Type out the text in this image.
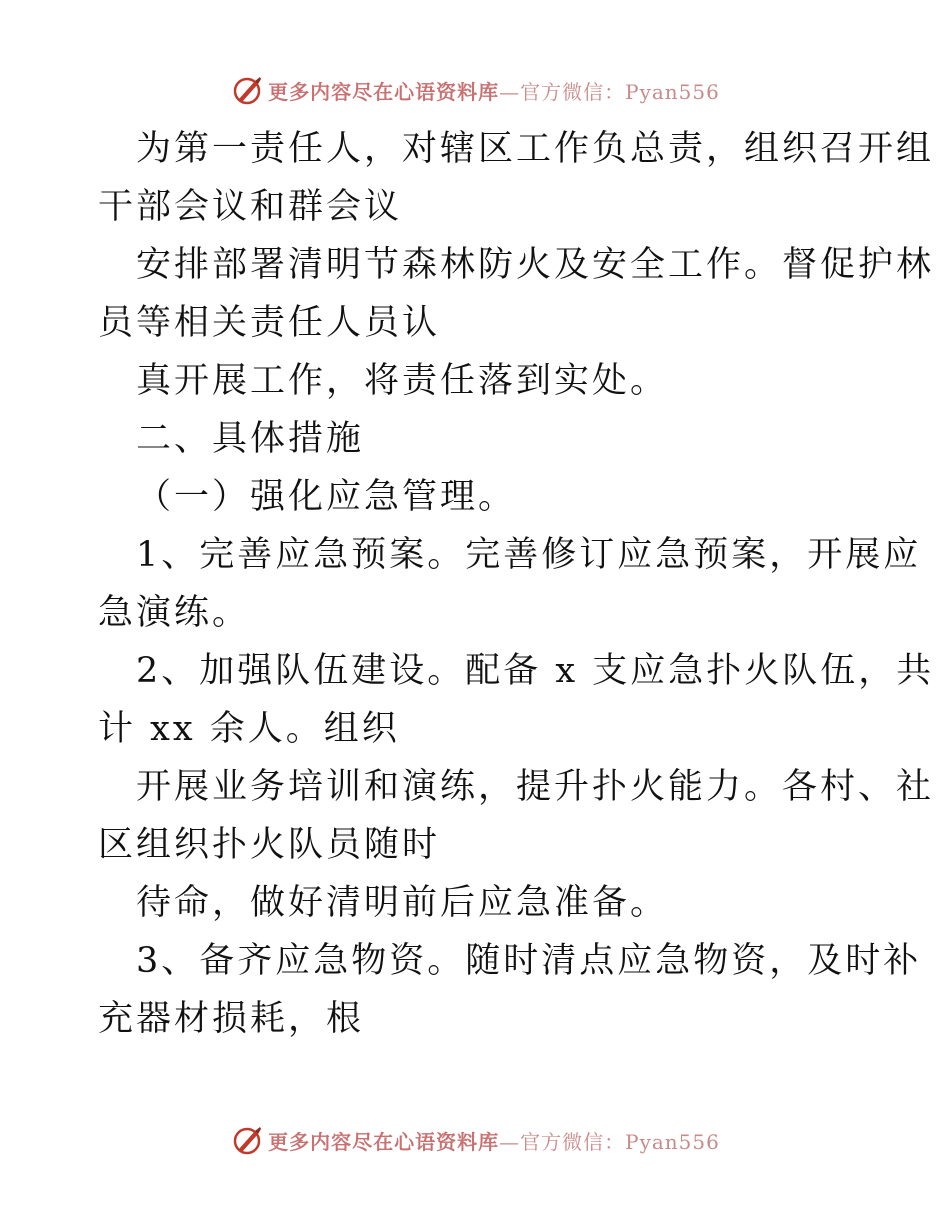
更多内容尽在心语资料库—官方微信：Pyan556
为第一责任人，对辖区工作负总责，组织召开组
干部会议和群会议
安排部署清明节森林防火及安全工作。督促护林
员等相关责任人员认
真开展工作，将责任落到实处。
二、具体措施
（一）强化应急管理。
1、完善应急预案。完善修订应急预案，开展应
急演练。
2、加强队伍建设。配备 x 支应急扑火队伍，共
计 xx 余人。组织
开展业务培训和演练，提升扑火能力。各村、社
区组织扑火队员随时
待命，做好清明前后应急准备。
3、备齐应急物资。随时清点应急物资，及时补
充器材损耗，根
更多内容尽在心语资料库—官方微信：Pyan556
